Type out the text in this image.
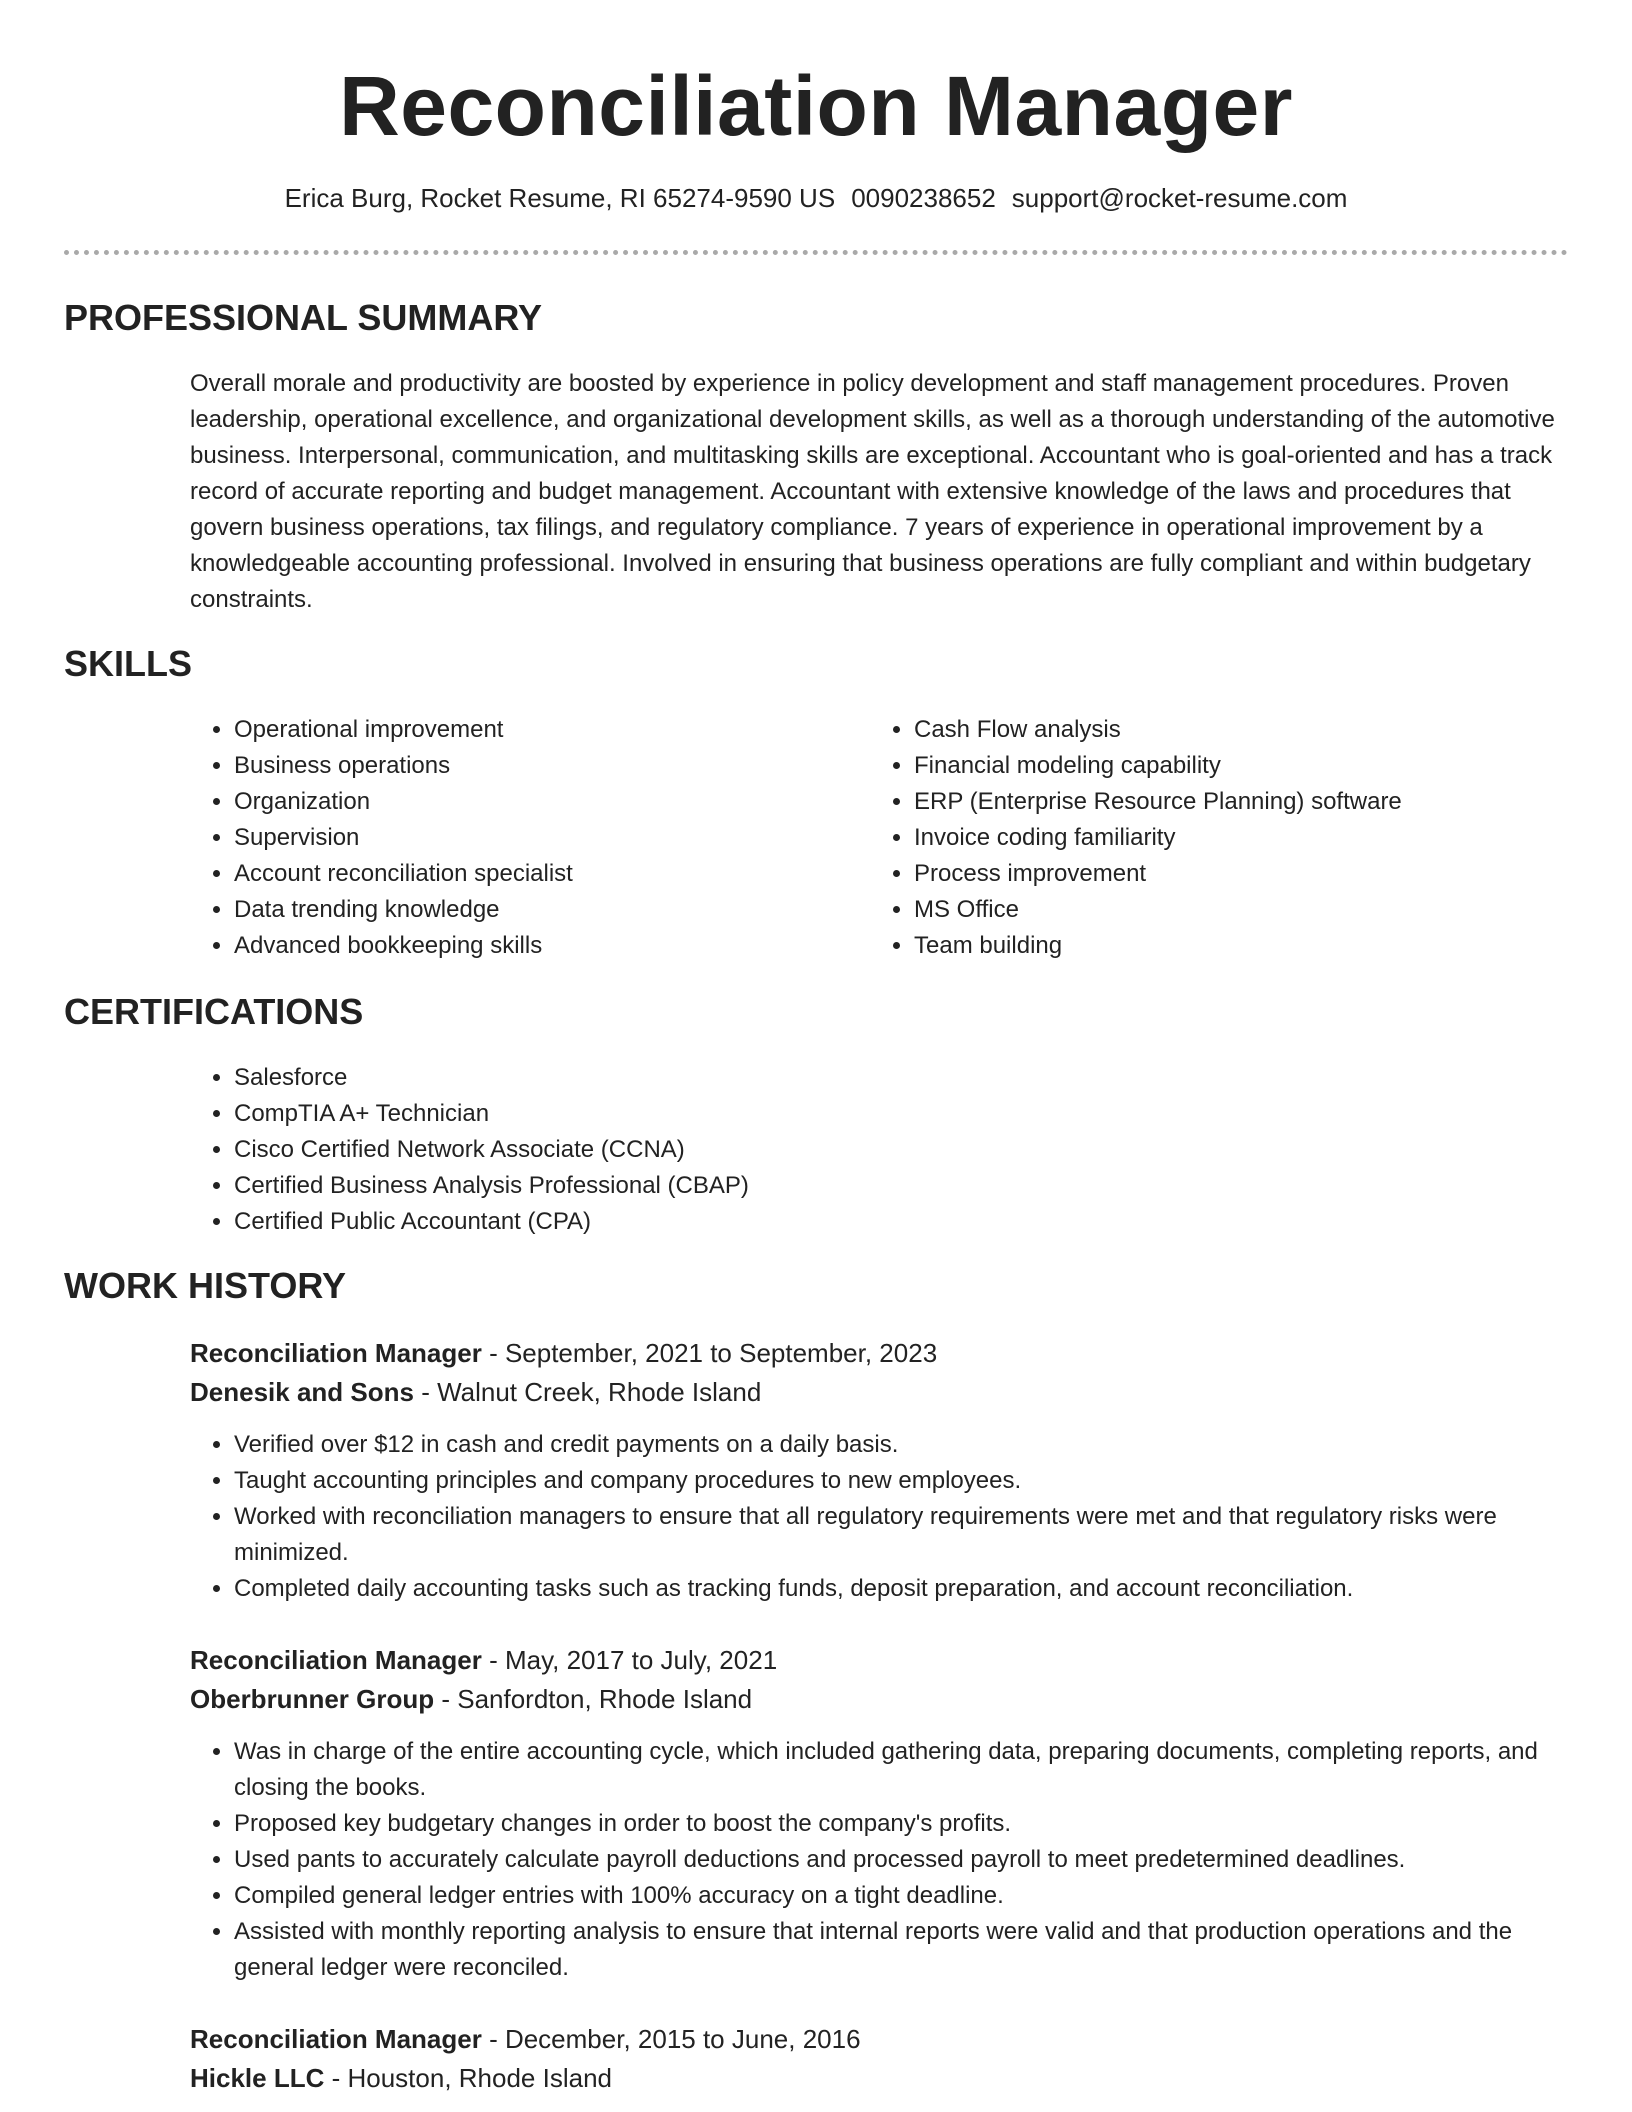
Reconciliation Manager
Erica Burg, Rocket Resume, RI 65274-9590 US 0090238652 support@rocket-resume.com
PROFESSIONAL SUMMARY

Overall morale and productivity are boosted by experience in policy development and staff management procedures. Proven leadership, operational excellence, and organizational development skills, as well as a thorough understanding of the automotive business. Interpersonal, communication, and multitasking skills are exceptional. Accountant who is goal-oriented and has a track record of accurate reporting and budget management. Accountant with extensive knowledge of the laws and procedures that govern business operations, tax filings, and regulatory compliance. 7 years of experience in operational improvement by a knowledgeable accounting professional. Involved in ensuring that business operations are fully compliant and within budgetary constraints.

SKILLS
• Operational improvement
• Business operations
• Organization
• Supervision
• Account reconciliation specialist
• Data trending knowledge
• Advanced bookkeeping skills
• Cash Flow analysis
• Financial modeling capability
• ERP (Enterprise Resource Planning) software
• Invoice coding familiarity
• Process improvement
• MS Office
• Team building
CERTIFICATIONS
• Salesforce
• CompTIA A+ Technician
• Cisco Certified Network Associate (CCNA)
• Certified Business Analysis Professional (CBAP)
• Certified Public Accountant (CPA)
WORK HISTORY
Reconciliation Manager - September, 2021 to September, 2023
Denesik and Sons - Walnut Creek, Rhode Island
• Verified over $12 in cash and credit payments on a daily basis.
• Taught accounting principles and company procedures to new employees.
• Worked with reconciliation managers to ensure that all regulatory requirements were met and that regulatory risks were minimized.
• Completed daily accounting tasks such as tracking funds, deposit preparation, and account reconciliation.
Reconciliation Manager - May, 2017 to July, 2021
Oberbrunner Group - Sanfordton, Rhode Island
• Was in charge of the entire accounting cycle, which included gathering data, preparing documents, completing reports, and closing the books.
• Proposed key budgetary changes in order to boost the company's profits.
• Used pants to accurately calculate payroll deductions and processed payroll to meet predetermined deadlines.
• Compiled general ledger entries with 100% accuracy on a tight deadline.
• Assisted with monthly reporting analysis to ensure that internal reports were valid and that production operations and the general ledger were reconciled.
Reconciliation Manager - December, 2015 to June, 2016
Hickle LLC - Houston, Rhode Island
